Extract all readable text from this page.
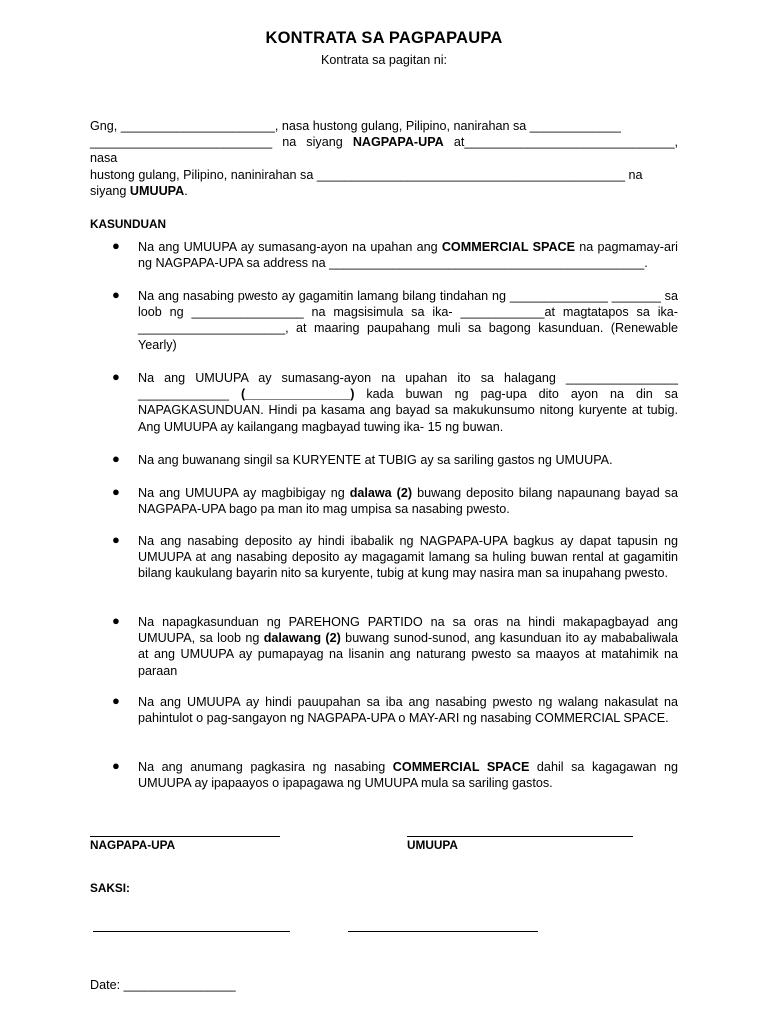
KONTRATA SA PAGPAPAUPA
Kontrata sa pagitan ni:
Gng, ______________________, nasa hustong gulang, Pilipino, nanirahan sa _____________
__________________________ na siyang NAGPAPA-UPA at______________________________, nasa
hustong gulang, Pilipino, naninirahan sa ____________________________________________ na
siyang UMUUPA.
KASUNDUAN
● Na ang UMUUPA ay sumasang-ayon na upahan ang COMMERCIAL SPACE na pagmamay-ari ng NAGPAPA-UPA sa address na _____________________________________________.
● Na ang nasabing pwesto ay gagamitin lamang bilang tindahan ng ______________ _______ sa loob ng ________________ na magsisimula sa ika- ____________at magtatapos sa ika-_____________________, at maaring paupahang muli sa bagong kasunduan. (Renewable Yearly)
● Na ang UMUUPA ay sumasang-ayon na upahan ito sa halagang ________________ _____________ (_______________) kada buwan ng pag-upa dito ayon na din sa NAPAGKASUNDUAN. Hindi pa kasama ang bayad sa makukunsumo nitong kuryente at tubig. Ang UMUUPA ay kailangang magbayad tuwing ika- 15 ng buwan.
● Na ang buwanang singil sa KURYENTE at TUBIG ay sa sariling gastos ng UMUUPA.
● Na ang UMUUPA ay magbibigay ng dalawa (2) buwang deposito bilang napaunang bayad sa NAGPAPA-UPA bago pa man ito mag umpisa sa nasabing pwesto.
● Na ang nasabing deposito ay hindi ibabalik ng NAGPAPA-UPA bagkus ay dapat tapusin ng UMUUPA at ang nasabing deposito ay magagamit lamang sa huling buwan rental at gagamitin bilang kaukulang bayarin nito sa kuryente, tubig at kung may nasira man sa inupahang pwesto.
● Na napagkasunduan ng PAREHONG PARTIDO na sa oras na hindi makapagbayad ang UMUUPA, sa loob ng dalawang (2) buwang sunod-sunod, ang kasunduan ito ay mababaliwala at ang UMUUPA ay pumapayag na lisanin ang naturang pwesto sa maayos at matahimik na paraan
● Na ang UMUUPA ay hindi pauupahan sa iba ang nasabing pwesto ng walang nakasulat na pahintulot o pag-sangayon ng NAGPAPA-UPA o MAY-ARI ng nasabing COMMERCIAL SPACE.
● Na ang anumang pagkasira ng nasabing COMMERCIAL SPACE dahil sa kagagawan ng UMUUPA ay ipapaayos o ipapagawa ng UMUUPA mula sa sariling gastos.
NAGPAPA-UPA	UMUUPA
SAKSI:
Date: ________________
